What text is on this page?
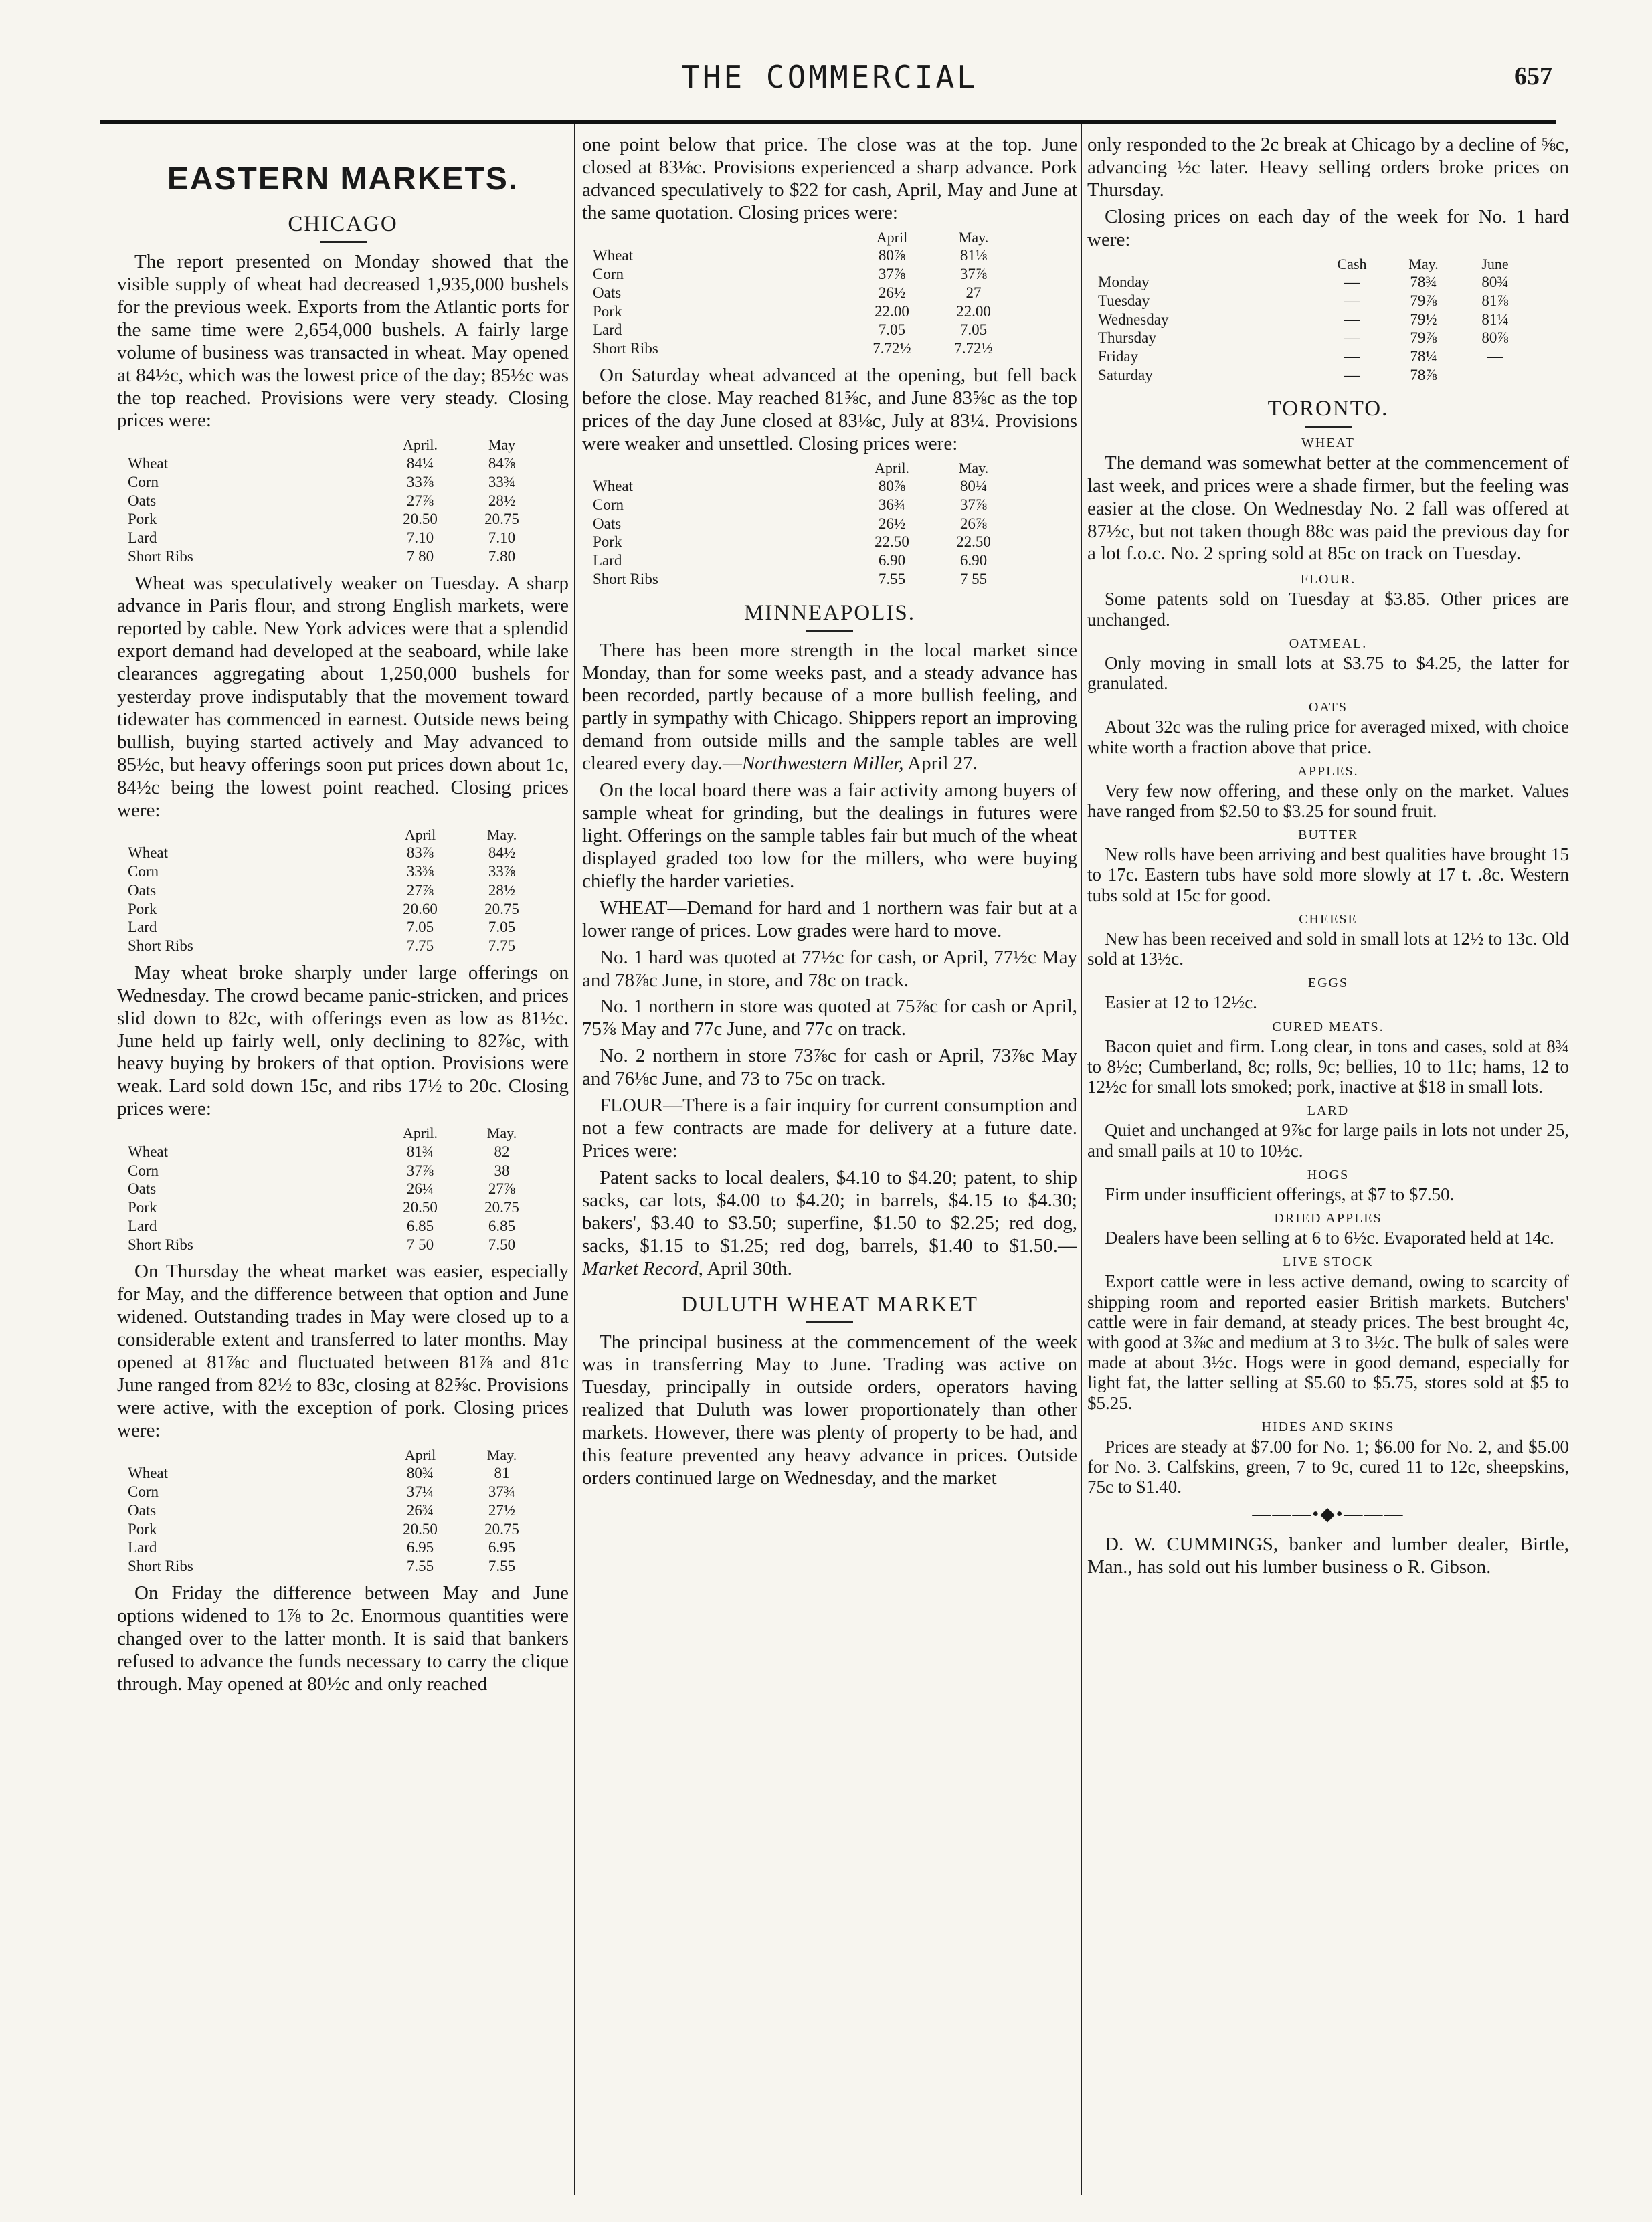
THE COMMERCIAL	657
EASTERN MARKETS.
CHICAGO

The report presented on Monday showed that the visible supply of wheat had decreased 1,935,000 bushels for the previous week. Exports from the Atlantic ports for the same time were 2,654,000 bushels. A fairly large volume of business was transacted in wheat. May opened at 84½c, which was the lowest price of the day; 85½c was the top reached. Provisions were very steady. Closing prices were:

	April.	May
Wheat	84¼	84⅞
Corn	33⅞	33¾
Oats	27⅞	28½
Pork	20.50	20.75
Lard	7.10	7.10
Short Ribs	7 80	7.80

Wheat was speculatively weaker on Tuesday. A sharp advance in Paris flour, and strong English markets, were reported by cable. New York advices were that a splendid export demand had developed at the seaboard, while lake clearances aggregating about 1,250,000 bushels for yesterday prove indisputably that the movement toward tidewater has commenced in earnest. Outside news being bullish, buying started actively and May advanced to 85½c, but heavy offerings soon put prices down about 1c, 84½c being the lowest point reached. Closing prices were:

	April	May.
Wheat	83⅞	84½
Corn	33⅜	33⅞
Oats	27⅞	28½
Pork	20.60	20.75
Lard	7.05	7.05
Short Ribs	7.75	7.75

May wheat broke sharply under large offerings on Wednesday. The crowd became panic-stricken, and prices slid down to 82c, with offerings even as low as 81½c. June held up fairly well, only declining to 82⅞c, with heavy buying by brokers of that option. Provisions were weak. Lard sold down 15c, and ribs 17½ to 20c. Closing prices were:

	April.	May.
Wheat	81¾	82
Corn	37⅞	38
Oats	26¼	27⅞
Pork	20.50	20.75
Lard	6.85	6.85
Short Ribs	7 50	7.50

On Thursday the wheat market was easier, especially for May, and the difference between that option and June widened. Outstanding trades in May were closed up to a considerable extent and transferred to later months. May opened at 81⅞c and fluctuated between 81⅞ and 81c June ranged from 82½ to 83c, closing at 82⅝c. Provisions were active, with the exception of pork. Closing prices were:

	April	May.
Wheat	80¾	81
Corn	37¼	37¾
Oats	26¾	27½
Pork	20.50	20.75
Lard	6.95	6.95
Short Ribs	7.55	7.55

On Friday the difference between May and June options widened to 1⅞ to 2c. Enormous quantities were changed over to the latter month. It is said that bankers refused to advance the funds necessary to carry the clique through. May opened at 80½c and only reached

one point below that price. The close was at the top. June closed at 83⅛c. Provisions experienced a sharp advance. Pork advanced speculatively to $22 for cash, April, May and June at the same quotation. Closing prices were:

	April	May.
Wheat	80⅞	81⅛
Corn	37⅞	37⅞
Oats	26½	27
Pork	22.00	22.00
Lard	7.05	7.05
Short Ribs	7.72½	7.72½

On Saturday wheat advanced at the opening, but fell back before the close. May reached 81⅝c, and June 83⅝c as the top prices of the day June closed at 83⅛c, July at 83¼. Provisions were weaker and unsettled. Closing prices were:

	April.	May.
Wheat	80⅞	80¼
Corn	36¾	37⅞
Oats	26½	26⅞
Pork	22.50	22.50
Lard	6.90	6.90
Short Ribs	7.55	7 55
MINNEAPOLIS.

There has been more strength in the local market since Monday, than for some weeks past, and a steady advance has been recorded, partly because of a more bullish feeling, and partly in sympathy with Chicago. Shippers report an improving demand from outside mills and the sample tables are well cleared every day.—Northwestern Miller, April 27.

On the local board there was a fair activity among buyers of sample wheat for grinding, but the dealings in futures were light. Offerings on the sample tables fair but much of the wheat displayed graded too low for the millers, who were buying chiefly the harder varieties.

WHEAT—Demand for hard and 1 northern was fair but at a lower range of prices. Low grades were hard to move.

No. 1 hard was quoted at 77½c for cash, or April, 77½c May and 78⅞c June, in store, and 78c on track.

No. 1 northern in store was quoted at 75⅞c for cash or April, 75⅞ May and 77c June, and 77c on track.

No. 2 northern in store 73⅞c for cash or April, 73⅞c May and 76⅛c June, and 73 to 75c on track.

FLOUR—There is a fair inquiry for current consumption and not a few contracts are made for delivery at a future date. Prices were:

Patent sacks to local dealers, $4.10 to $4.20; patent, to ship sacks, car lots, $4.00 to $4.20; in barrels, $4.15 to $4.30; bakers', $3.40 to $3.50; superfine, $1.50 to $2.25; red dog, sacks, $1.15 to $1.25; red dog, barrels, $1.40 to $1.50.—Market Record, April 30th.

DULUTH WHEAT MARKET

The principal business at the commencement of the week was in transferring May to June. Trading was active on Tuesday, principally in outside orders, operators having realized that Duluth was lower proportionately than other markets. However, there was plenty of property to be had, and this feature prevented any heavy advance in prices. Outside orders continued large on Wednesday, and the market

only responded to the 2c break at Chicago by a decline of ⅝c, advancing ½c later. Heavy selling orders broke prices on Thursday.

Closing prices on each day of the week for No. 1 hard were:

	Cash	May.	June
Monday	—	78¾	80¾
Tuesday	—	79⅞	81⅞
Wednesday	—	79½	81¼
Thursday	—	79⅞	80⅞
Friday	—	78¼	—
Saturday	—	78⅞	
TORONTO.
WHEAT

The demand was somewhat better at the commencement of last week, and prices were a shade firmer, but the feeling was easier at the close. On Wednesday No. 2 fall was offered at 87½c, but not taken though 88c was paid the previous day for a lot f.o.c. No. 2 spring sold at 85c on track on Tuesday.

FLOUR.

Some patents sold on Tuesday at $3.85. Other prices are unchanged.

OATMEAL.

Only moving in small lots at $3.75 to $4.25, the latter for granulated.

OATS

About 32c was the ruling price for averaged mixed, with choice white worth a fraction above that price.

APPLES.

Very few now offering, and these only on the market. Values have ranged from $2.50 to $3.25 for sound fruit.

BUTTER

New rolls have been arriving and best qualities have brought 15 to 17c. Eastern tubs have sold more slowly at 17 t. .8c. Western tubs sold at 15c for good.

CHEESE

New has been received and sold in small lots at 12½ to 13c. Old sold at 13½c.

EGGS

Easier at 12 to 12½c.

CURED MEATS.

Bacon quiet and firm. Long clear, in tons and cases, sold at 8¾ to 8½c; Cumberland, 8c; rolls, 9c; bellies, 10 to 11c; hams, 12 to 12½c for small lots smoked; pork, inactive at $18 in small lots.

LARD

Quiet and unchanged at 9⅞c for large pails in lots not under 25, and small pails at 10 to 10½c.

HOGS

Firm under insufficient offerings, at $7 to $7.50.

DRIED APPLES

Dealers have been selling at 6 to 6½c. Evaporated held at 14c.

LIVE STOCK

Export cattle were in less active demand, owing to scarcity of shipping room and reported easier British markets. Butchers' cattle were in fair demand, at steady prices. The best brought 4c, with good at 3⅞c and medium at 3 to 3½c. The bulk of sales were made at about 3½c. Hogs were in good demand, especially for light fat, the latter selling at $5.60 to $5.75, stores sold at $5 to $5.25.

HIDES AND SKINS

Prices are steady at $7.00 for No. 1; $6.00 for No. 2, and $5.00 for No. 3. Calfskins, green, 7 to 9c, cured 11 to 12c, sheepskins, 75c to $1.40.

———•◆•———

D. W. CUMMINGS, banker and lumber dealer, Birtle, Man., has sold out his lumber business o R. Gibson.
